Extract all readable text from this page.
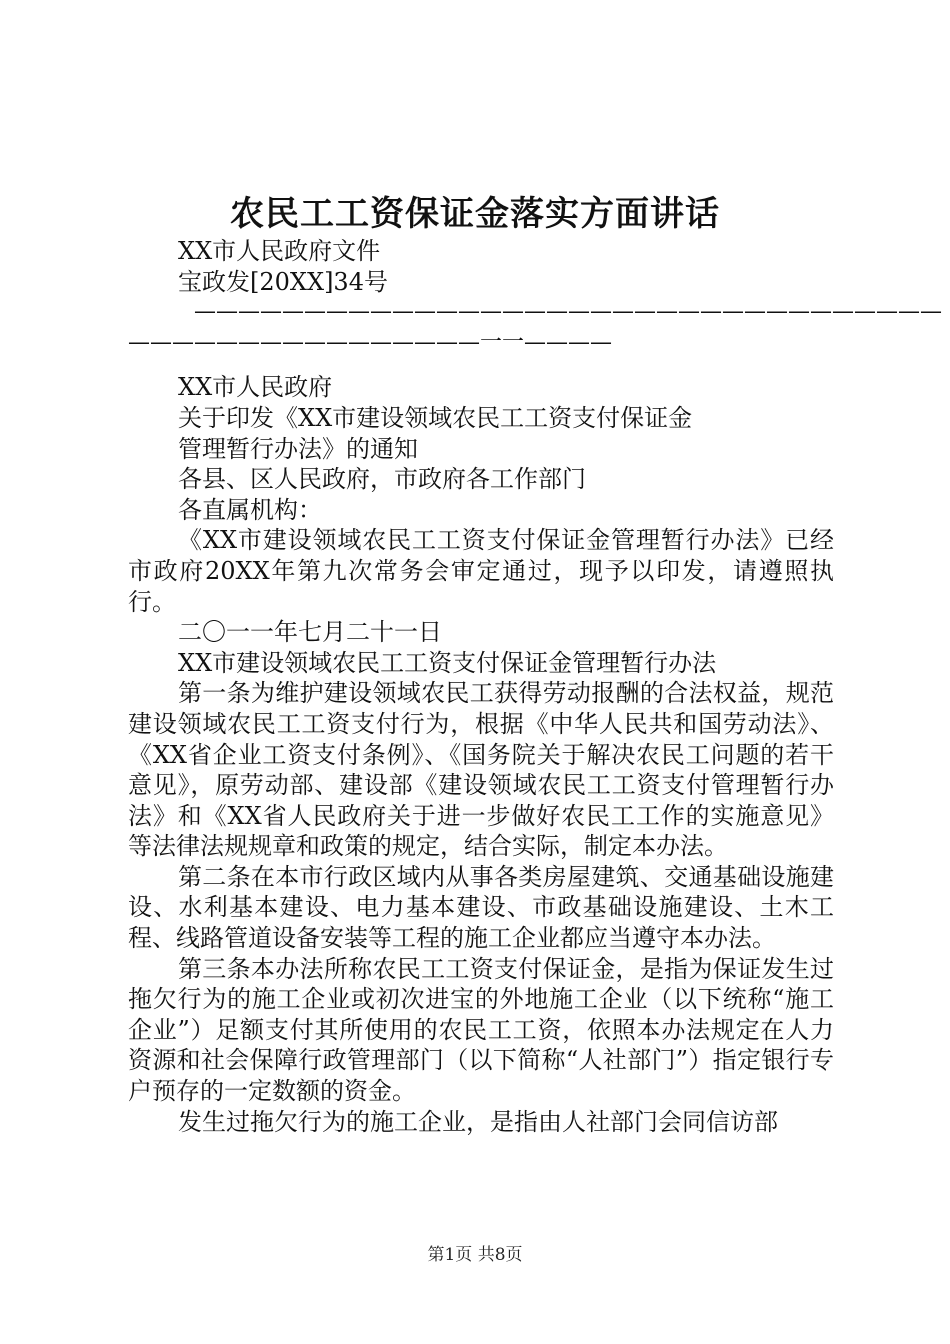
农民工工资保证金落实方面讲话
XX市人民政府文件
宝政发[20XX]34号
——————————————————————————————————
————————————————一一————
XX市人民政府
关于印发《XX市建设领域农民工工资支付保证金
管理暂行办法》的通知
各县、区人民政府，市政府各工作部门
各直属机构：
《XX市建设领域农民工工资支付保证金管理暂行办法》已经市政府20XX年第九次常务会审定通过，现予以印发，请遵照执行。
二〇一一年七月二十一日
XX市建设领域农民工工资支付保证金管理暂行办法
第一条为维护建设领域农民工获得劳动报酬的合法权益，规范建设领域农民工工资支付行为，根据《中华人民共和国劳动法》、《XX省企业工资支付条例》、《国务院关于解决农民工问题的若干意见》，原劳动部、建设部《建设领域农民工工资支付管理暂行办法》和《XX省人民政府关于进一步做好农民工工作的实施意见》等法律法规规章和政策的规定，结合实际，制定本办法。
第二条在本市行政区域内从事各类房屋建筑、交通基础设施建设、水利基本建设、电力基本建设、市政基础设施建设、土木工程、线路管道设备安装等工程的施工企业都应当遵守本办法。
第三条本办法所称农民工工资支付保证金，是指为保证发生过拖欠行为的施工企业或初次进宝的外地施工企业（以下统称“施工企业”）足额支付其所使用的农民工工资，依照本办法规定在人力资源和社会保障行政管理部门（以下简称“人社部门”）指定银行专户预存的一定数额的资金。
发生过拖欠行为的施工企业，是指由人社部门会同信访部
第1页 共8页
